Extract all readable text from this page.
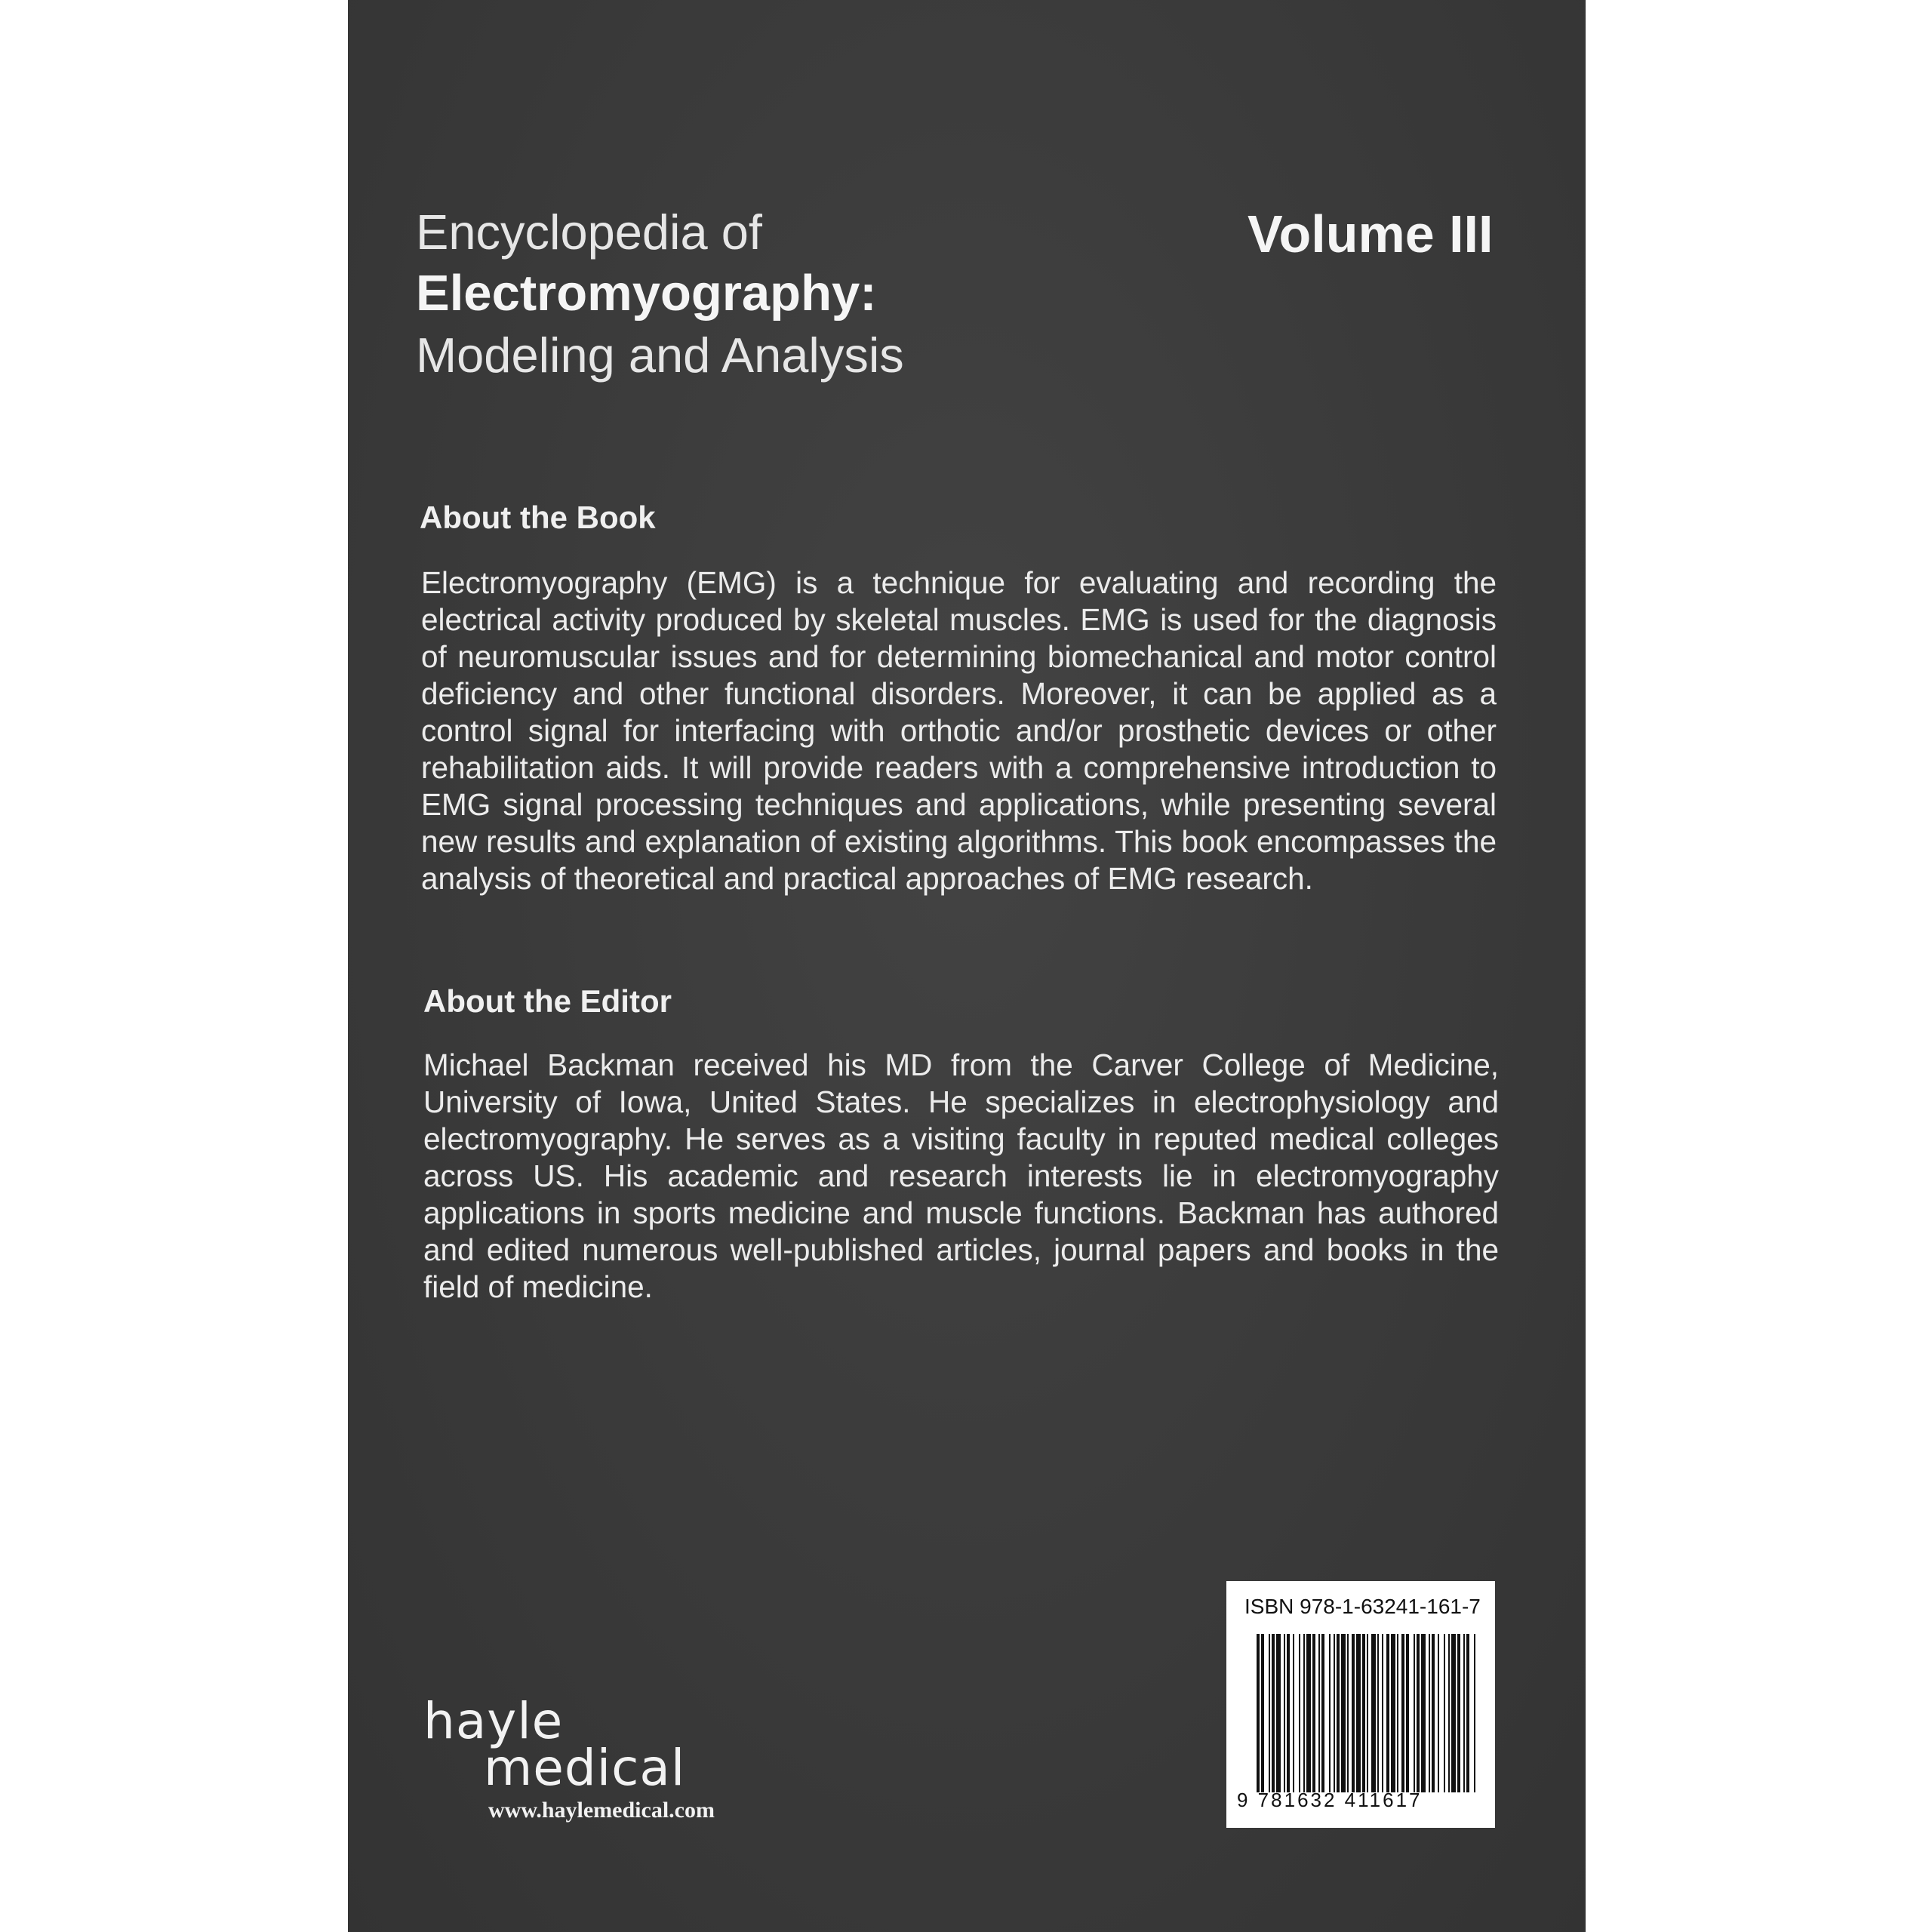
Encyclopedia of
Electromyography:
Modeling and Analysis
Volume III
About the Book
Electromyography (EMG) is a technique for evaluating and recording the electrical activity produced by skeletal muscles. EMG is used for the diagnosis of neuromuscular issues and for determining biomechanical and motor control deficiency and other functional disorders. Moreover, it can be applied as a control signal for interfacing with orthotic and/or prosthetic devices or other rehabilitation aids. It will provide readers with a comprehensive introduction to EMG signal processing techniques and applications, while presenting several new results and explanation of existing algorithms. This book encompasses the analysis of theoretical and practical approaches of EMG research.
About the Editor
Michael Backman received his MD from the Carver College of Medicine, University of Iowa, United States. He specializes in electrophysiology and electromyography. He serves as a visiting faculty in reputed medical colleges across US. His academic and research interests lie in electromyography applications in sports medicine and muscle functions. Backman has authored and edited numerous well-published articles, journal papers and books in the field of medicine.
hayle
medical
www.haylemedical.com
ISBN 978-1-63241-161-7
9 781632 411617
